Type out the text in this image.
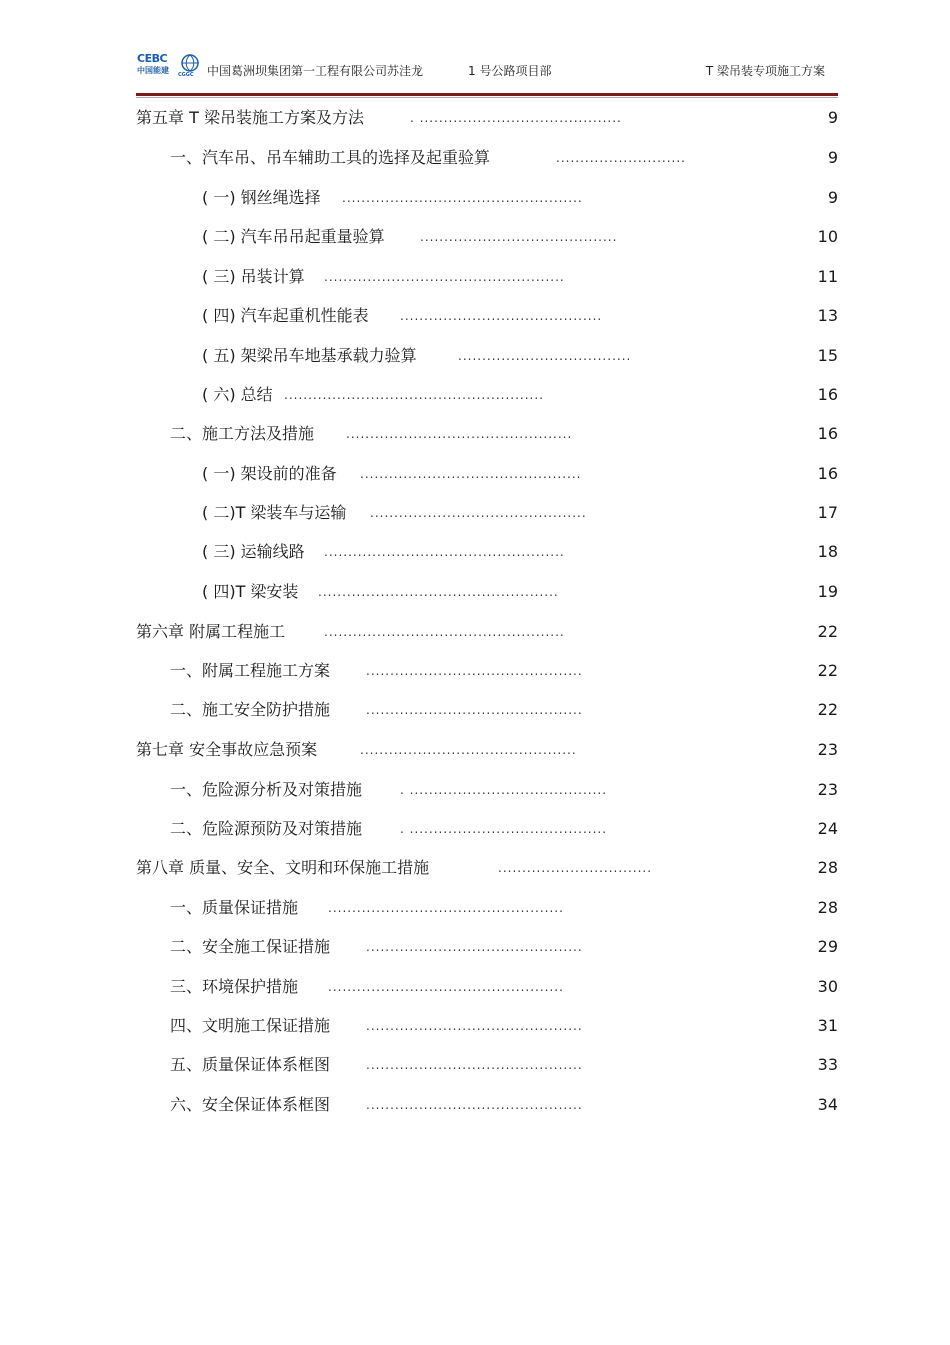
CEBC
中国能建 CGGC 中国葛洲坝集团第一工程有限公司苏洼龙	1 号公路项目部	T 梁吊装专项施工方案
第五章 T 梁吊装施工方案及方法	. ..........................................	9
一、汽车吊、吊车辅助工具的选择及起重验算	...........................	9
( 一) 钢丝绳选择 ..................................................	9
( 二) 汽车吊吊起重量验算	.........................................	10
( 三) 吊装计算 ..................................................	11
( 四) 汽车起重机性能表	..........................................	13
( 五) 架梁吊车地基承载力验算	....................................	15
( 六) 总结 ......................................................	16
二、施工方法及措施	...............................................	16
( 一) 架设前的准备 ..............................................	16
( 二)T 梁装车与运输 .............................................	17
( 三) 运输线路 ..................................................	18
( 四)T 梁安装 ..................................................	19
第六章 附属工程施工	..................................................	22
一、附属工程施工方案	.............................................	22
二、施工安全防护措施	.............................................	22
第七章 安全事故应急预案	.............................................	23
一、危险源分析及对策措施	. .........................................	23
二、危险源预防及对策措施	. .........................................	24
第八章 质量、安全、文明和环保施工措施	................................	28
一、质量保证措施 .................................................	28
二、安全施工保证措施	.............................................	29
三、环境保护措施 .................................................	30
四、文明施工保证措施	.............................................	31
五、质量保证体系框图	.............................................	33
六、安全保证体系框图	.............................................	34
